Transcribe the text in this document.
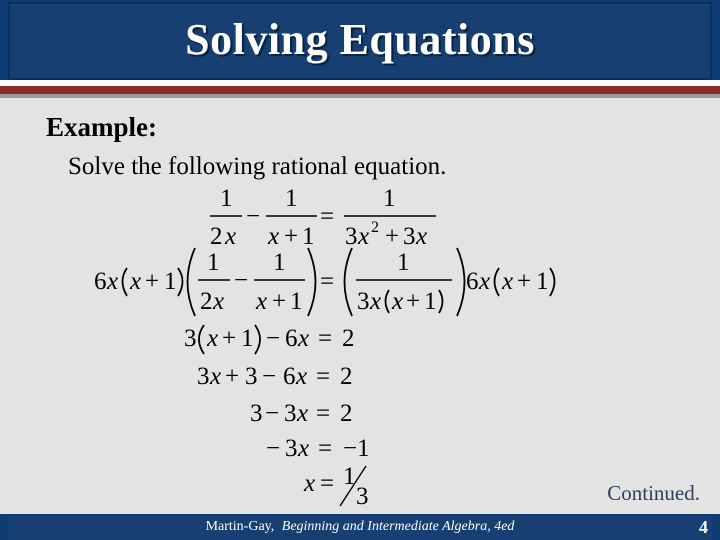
Solving Equations
Example:
Solve the following rational equation.
1
2 x
−
1
x + 1
=
1
3 x 2 + 3 x
6 x x + 1
1
2 x
−
1
x + 1
=
1
3 x x + 1
6 x x + 1
3 x + 1 − 6 x = 2
3 x + 3 − 6 x = 2
3 − 3 x = 2
− 3 x = −1
x = 1
3	Continued.
Martin-Gay, Beginning and Intermediate Algebra, 4ed	4
